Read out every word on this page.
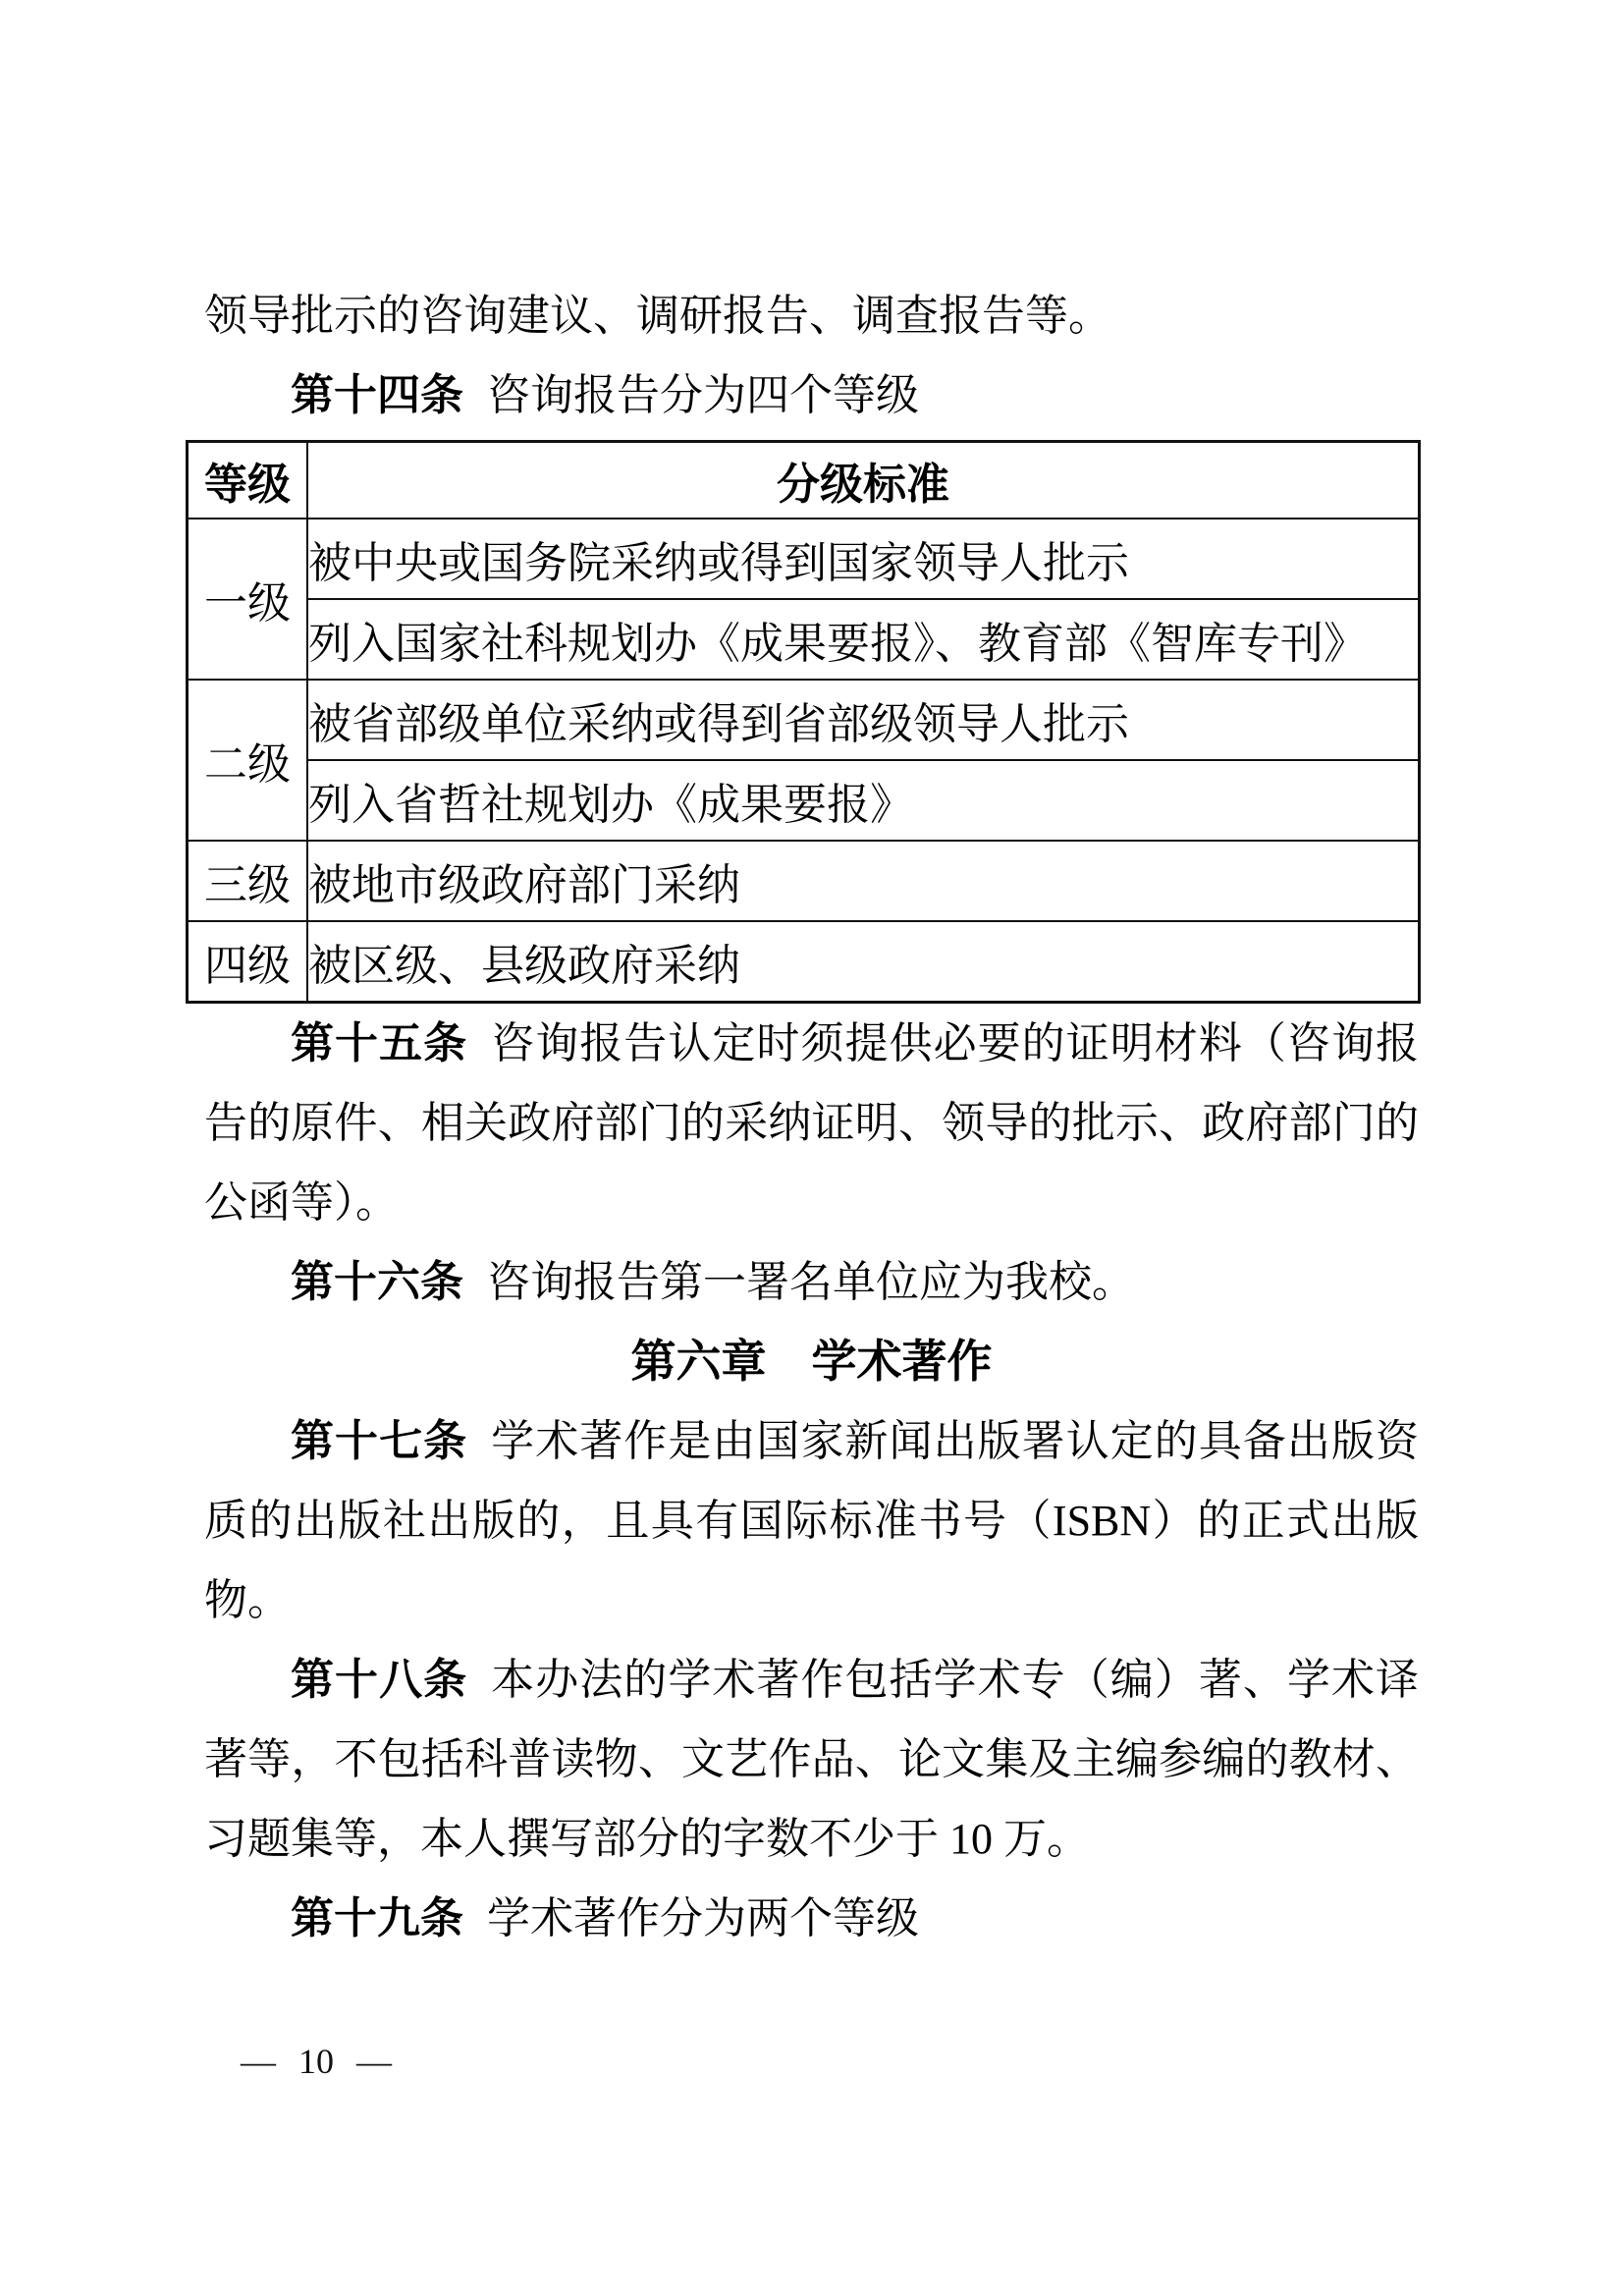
领导批示的咨询建议、调研报告、调查报告等。
第十四条 咨询报告分为四个等级
等级	分级标准
一级	被中央或国务院采纳或得到国家领导人批示
	列入国家社科规划办《成果要报》、教育部《智库专刊》
二级	被省部级单位采纳或得到省部级领导人批示
	列入省哲社规划办《成果要报》
三级	被地市级政府部门采纳
四级	被区级、县级政府采纳
第十五条 咨询报告认定时须提供必要的证明材料（咨询报
告的原件、相关政府部门的采纳证明、领导的批示、政府部门的
公函等）。
第十六条 咨询报告第一署名单位应为我校。
第六章　学术著作
第十七条 学术著作是由国家新闻出版署认定的具备出版资
质的出版社出版的，且具有国际标准书号（ISBN）的正式出版
物。
第十八条 本办法的学术著作包括学术专（编）著、学术译
著等，不包括科普读物、文艺作品、论文集及主编参编的教材、
习题集等，本人撰写部分的字数不少于 10 万。
第十九条 学术著作分为两个等级
— 10 —
